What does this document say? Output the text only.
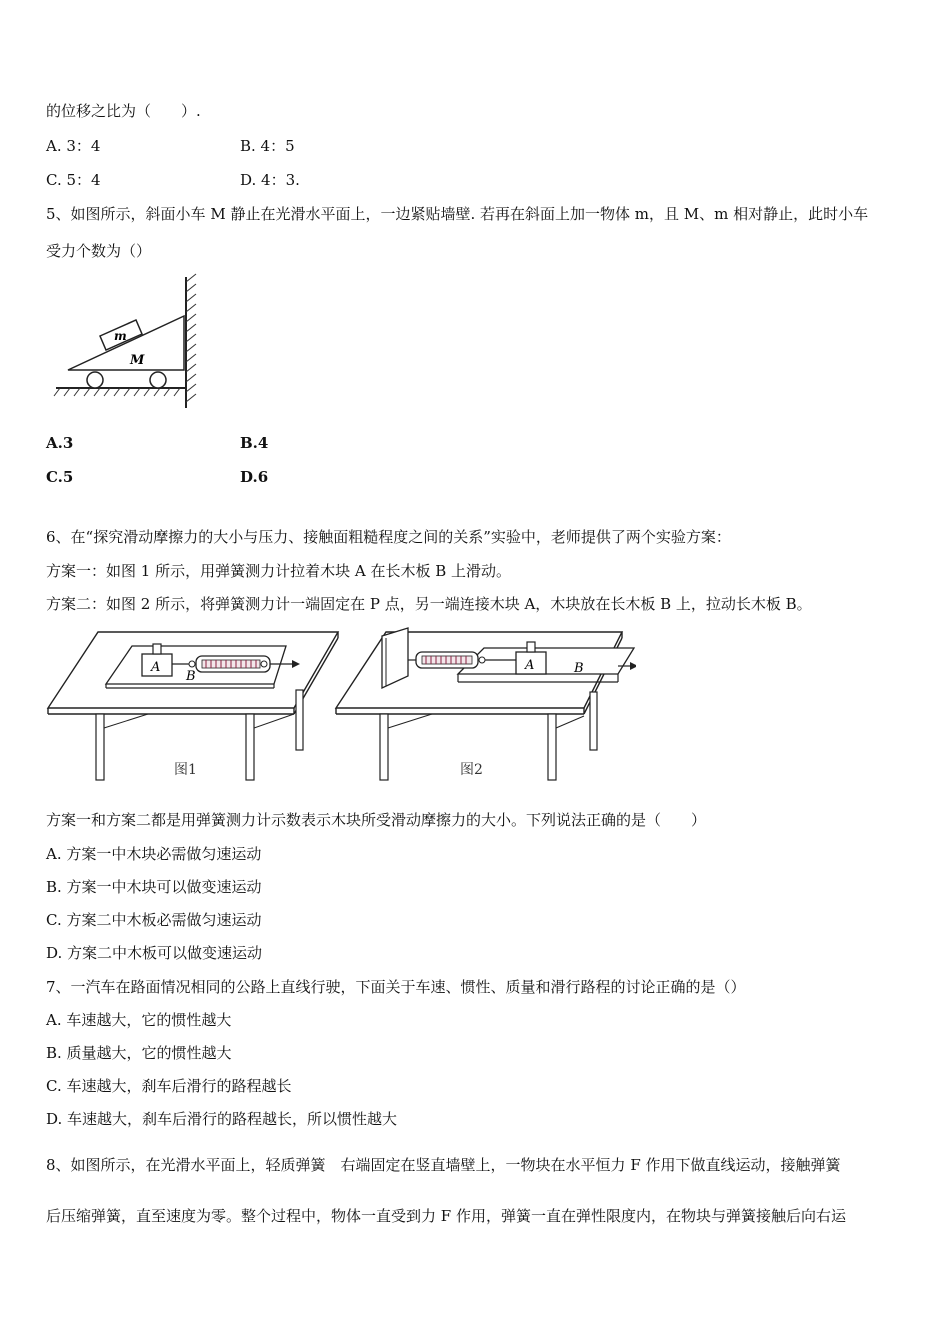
的位移之比为（　　）.
A. 3：4	B. 4：5
C. 5：4	D. 4：3.
5、如图所示，斜面小车 M 静止在光滑水平面上，一边紧贴墙壁. 若再在斜面上加一物体 m，且 M、m 相对静止，此时小车
受力个数为（）
m
M
A.3	B.4
C.5	D.6
6、在“探究滑动摩擦力的大小与压力、接触面粗糙程度之间的关系”实验中，老师提供了两个实验方案：
方案一：如图 1 所示，用弹簧测力计拉着木块 A 在长木板 B 上滑动。
方案二：如图 2 所示，将弹簧测力计一端固定在 P 点，另一端连接木块 A，木块放在长木板 B 上，拉动长木板 B。
A
B
图1
A	B
图2
方案一和方案二都是用弹簧测力计示数表示木块所受滑动摩擦力的大小。下列说法正确的是（　　）
A. 方案一中木块必需做匀速运动
B. 方案一中木块可以做变速运动
C. 方案二中木板必需做匀速运动
D. 方案二中木板可以做变速运动
7、一汽车在路面情况相同的公路上直线行驶，下面关于车速、惯性、质量和滑行路程的讨论正确的是（）
A. 车速越大，它的惯性越大
B. 质量越大，它的惯性越大
C. 车速越大，刹车后滑行的路程越长
D. 车速越大，刹车后滑行的路程越长，所以惯性越大
8、如图所示，在光滑水平面上，轻质弹簧　右端固定在竖直墙壁上，一物块在水平恒力 F 作用下做直线运动，接触弹簧
后压缩弹簧，直至速度为零。整个过程中，物体一直受到力 F 作用，弹簧一直在弹性限度内，在物块与弹簧接触后向右运
